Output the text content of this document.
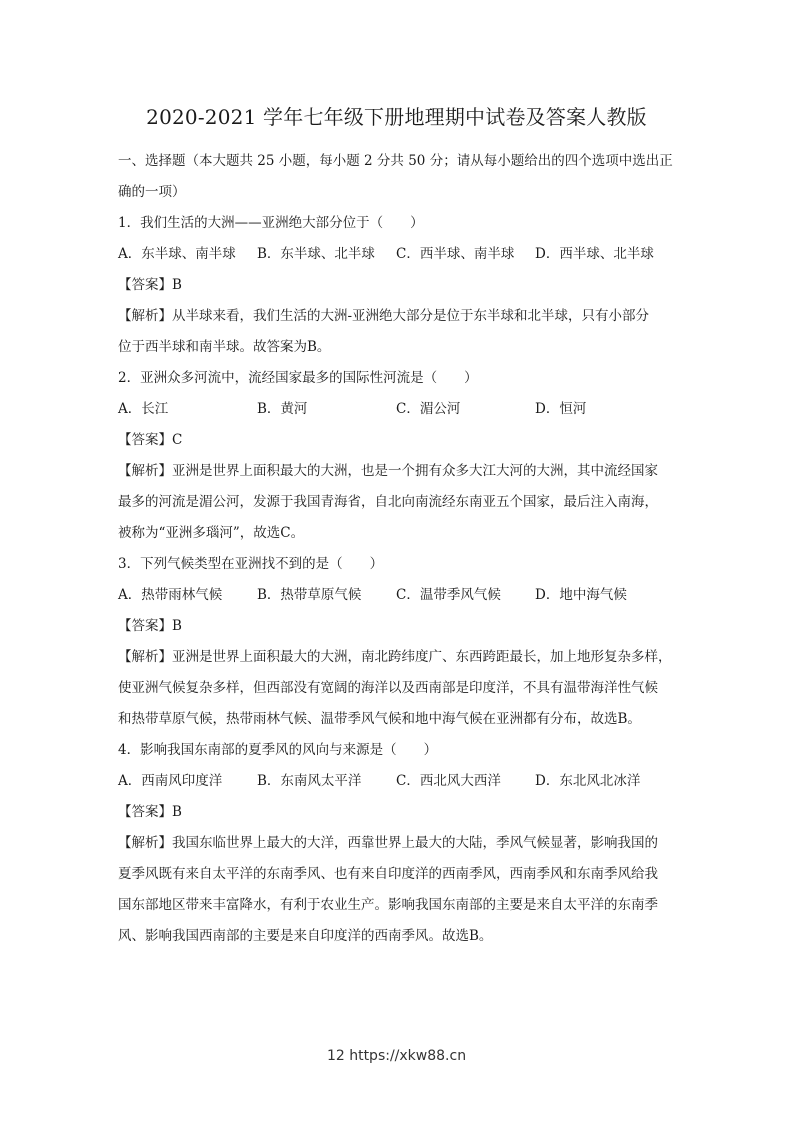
2020-2021 学年七年级下册地理期中试卷及答案人教版
一、选择题（本大题共 25 小题，每小题 2 分共 50 分；请从每小题给出的四个选项中选出正
确的一项）
1．我们生活的大洲——亚洲绝大部分位于（　　）
A．东半球、南半球 B．东半球、北半球 C．西半球、南半球 D．西半球、北半球
【答案】B
【解析】从半球来看，我们生活的大洲-亚洲绝大部分是位于东半球和北半球，只有小部分
位于西半球和南半球。故答案为B。
2．亚洲众多河流中，流经国家最多的国际性河流是（　　）
A．长江	B．黄河	C．湄公河	D．恒河
【答案】C
【解析】亚洲是世界上面积最大的大洲，也是一个拥有众多大江大河的大洲，其中流经国家
最多的河流是湄公河，发源于我国青海省，自北向南流经东南亚五个国家，最后注入南海，
被称为“亚洲多瑙河”，故选C。
3．下列气候类型在亚洲找不到的是（　　）
A．热带雨林气候	B．热带草原气候	C．温带季风气候	D．地中海气候
【答案】B
【解析】亚洲是世界上面积最大的大洲，南北跨纬度广、东西跨距最长，加上地形复杂多样，
使亚洲气候复杂多样，但西部没有宽阔的海洋以及西南部是印度洋，不具有温带海洋性气候
和热带草原气候，热带雨林气候、温带季风气候和地中海气候在亚洲都有分布，故选B。
4．影响我国东南部的夏季风的风向与来源是（　　）
A．西南风印度洋	B．东南风太平洋	C．西北风大西洋	D．东北风北冰洋
【答案】B
【解析】我国东临世界上最大的大洋，西靠世界上最大的大陆，季风气候显著，影响我国的
夏季风既有来自太平洋的东南季风、也有来自印度洋的西南季风，西南季风和东南季风给我
国东部地区带来丰富降水，有利于农业生产。影响我国东南部的主要是来自太平洋的东南季
风、影响我国西南部的主要是来自印度洋的西南季风。故选B。
12 https://xkw88.cn
